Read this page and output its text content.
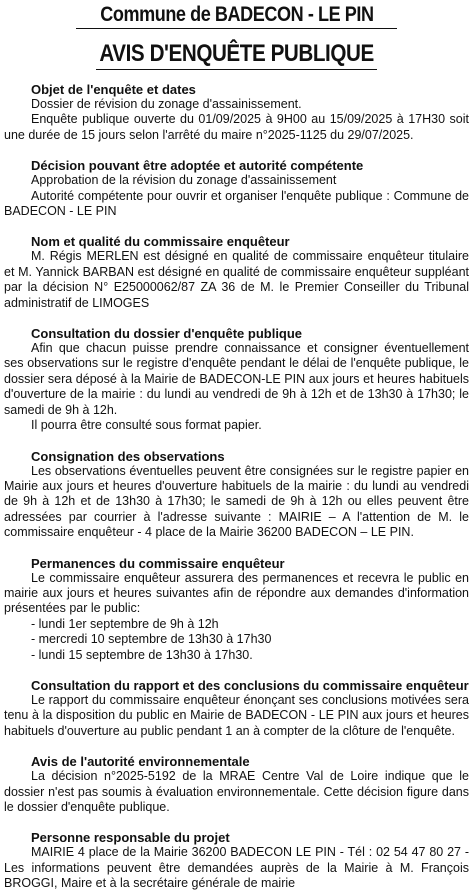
Commune de BADECON - LE PIN
AVIS D'ENQUÊTE PUBLIQUE
Objet de l'enquête et dates

Dossier de révision du zonage d'assainissement.

Enquête publique ouverte du 01/09/2025 à 9H00 au 15/09/2025 à 17H30 soit une durée de 15 jours selon l'arrêté du maire n°2025-1125 du 29/07/2025.

Décision pouvant être adoptée et autorité compétente

Approbation de la révision du zonage d'assainissement

Autorité compétente pour ouvrir et organiser l'enquête publique : Commune de BADECON - LE PIN

Nom et qualité du commissaire enquêteur

M. Régis MERLEN est désigné en qualité de commissaire enquêteur titulaire et M. Yannick BARBAN est désigné en qualité de commissaire enquêteur suppléant par la décision N° E25000062/87 ZA 36 de M. le Premier Conseiller du Tribunal administratif de LIMOGES

Consultation du dossier d'enquête publique

Afin que chacun puisse prendre connaissance et consigner éventuellement ses observations sur le registre d'enquête pendant le délai de l'enquête publique, le dossier sera déposé à la Mairie de BADECON-LE PIN aux jours et heures habituels d'ouverture de la mairie : du lundi au vendredi de 9h à 12h et de 13h30 à 17h30; le samedi de 9h à 12h.

Il pourra être consulté sous format papier.

Consignation des observations

Les observations éventuelles peuvent être consignées sur le registre papier en Mairie aux jours et heures d'ouverture habituels de la mairie : du lundi au vendredi de 9h à 12h et de 13h30 à 17h30; le samedi de 9h à 12h ou elles peuvent être adressées par courrier à l'adresse suivante : MAIRIE – A l'attention de M. le commissaire enquêteur - 4 place de la Mairie 36200 BADECON – LE PIN.

Permanences du commissaire enquêteur

Le commissaire enquêteur assurera des permanences et recevra le public en mairie aux jours et heures suivantes afin de répondre aux demandes d'information présentées par le public:

- lundi 1er septembre de 9h à 12h

- mercredi 10 septembre de 13h30 à 17h30

- lundi 15 septembre de 13h30 à 17h30.

Consultation du rapport et des conclusions du commissaire enquêteur

Le rapport du commissaire enquêteur énonçant ses conclusions motivées sera tenu à la disposition du public en Mairie de BADECON - LE PIN aux jours et heures habituels d'ouverture au public pendant 1 an à compter de la clôture de l'enquête.

Avis de l'autorité environnementale

La décision n°2025-5192 de la MRAE Centre Val de Loire indique que le dossier n'est pas soumis à évaluation environnementale. Cette décision figure dans le dossier d'enquête publique.

Personne responsable du projet

MAIRIE 4 place de la Mairie 36200 BADECON LE PIN - Tél : 02 54 47 80 27 - Les informations peuvent être demandées auprès de la Mairie à M. François BROGGI, Maire et à la secrétaire générale de mairie
